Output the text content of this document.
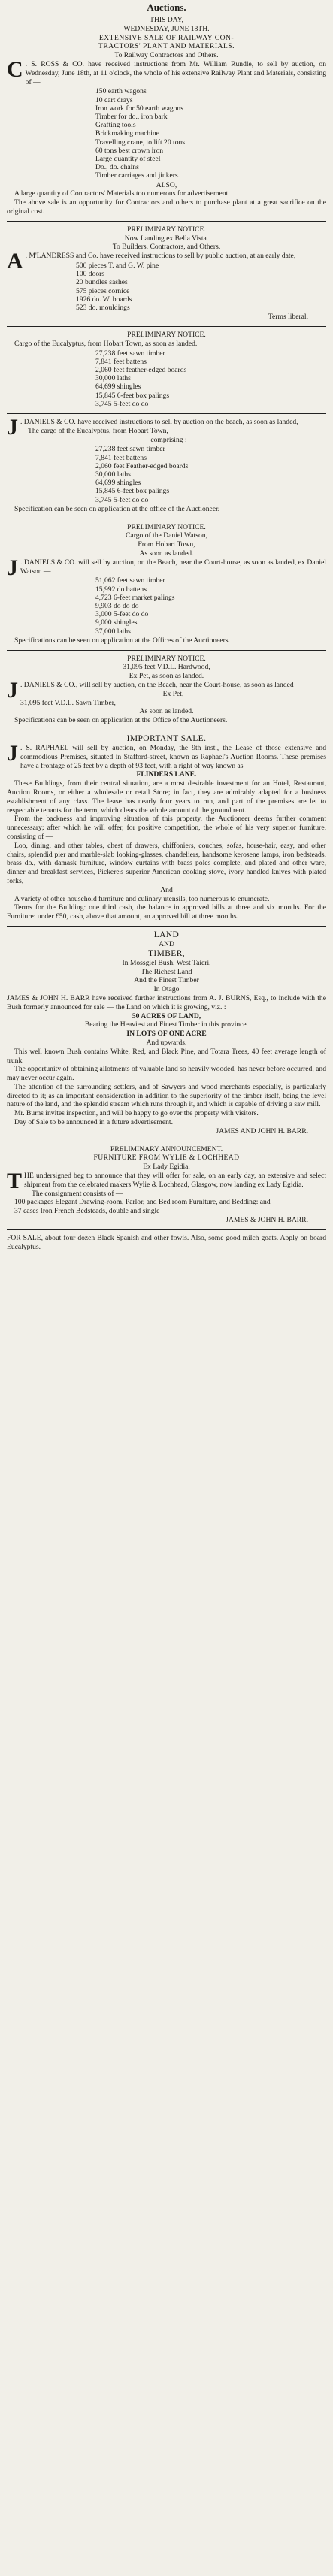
Auctions.
THIS DAY,
WEDNESDAY, JUNE 18TH.
EXTENSIVE SALE OF RAILWAY CON-
TRACTORS' PLANT AND MATERIALS.
To Railway Contractors and Others.

C . S. ROSS & CO. have received instructions from Mr. William Rundle, to sell by auction, on Wednesday, June 18th, at 11 o'clock, the whole of his extensive Railway Plant and Materials, consisting of —

150 earth wagons
10 cart drays
Iron work for 50 earth wagons
Timber for do., iron bark
Grafting tools
Brickmaking machine
Travelling crane, to lift 20 tons
60 tons best crown iron
Large quantity of steel
Do., do. chains
Timber carriages and jinkers.
ALSO,

A large quantity of Contractors' Materials too numerous for advertisement.

The above sale is an opportunity for Contractors and others to purchase plant at a great sacrifice on the original cost.

PRELIMINARY NOTICE.
Now Landing ex Bella Vista.
To Builders, Contractors, and Others.

A . M'LANDRESS and Co. have received instructions to sell by public auction, at an early date,

500 pieces T. and G. W. pine
100 doors
20 bundles sashes
575 pieces cornice
1926 do. W. boards
523 do. mouldings
Terms liberal.
PRELIMINARY NOTICE.

Cargo of the Eucalyptus, from Hobart Town, as soon as landed.

27,238 feet sawn timber
7,841 feet battens
2,060 feet feather-edged boards
30,000 laths
64,699 shingles
15,845 6-feet box palings
3,745 5-feet do do

J . DANIELS & CO. have received instructions to sell by auction on the beach, as soon as landed, —

The cargo of the Eucalyptus, from Hobart Town,

comprising : —
27,238 feet sawn timber
7,841 feet battens
2,060 feet Feather-edged boards
30,000 laths
64,699 shingles
15,845 6-feet box palings
3,745 5-feet do do

Specification can be seen on application at the office of the Auctioneer.

PRELIMINARY NOTICE.
Cargo of the Daniel Watson,
From Hobart Town,
As soon as landed.

J . DANIELS & CO. will sell by auction, on the Beach, near the Court-house, as soon as landed, ex Daniel Watson —

51,062 feet sawn timber
15,992 do battens
4,723 6-feet market palings
9,903 do do do
3,000 5-feet do do
9,000 shingles
37,000 laths

Specifications can be seen on application at the Offices of the Auctioneers.

PRELIMINARY NOTICE.
31,095 feet V.D.L. Hardwood,
Ex Pet, as soon as landed.

J . DANIELS & CO., will sell by auction, on the Beach, near the Court-house, as soon as landed —

Ex Pet,
31,095 feet V.D.L. Sawn Timber,
As soon as landed.

Specifications can be seen on application at the Office of the Auctioneers.

IMPORTANT SALE.

J . S. RAPHAEL will sell by auction, on Monday, the 9th inst., the Lease of those extensive and commodious Premises, situated in Stafford-street, known as Raphael's Auction Rooms. These premises have a frontage of 25 feet by a depth of 93 feet, with a right of way known as

FLINDERS LANE.

These Buildings, from their central situation, are a most desirable investment for an Hotel, Restaurant, Auction Rooms, or either a wholesale or retail Store; in fact, they are admirably adapted for a business establishment of any class. The lease has nearly four years to run, and part of the premises are let to respectable tenants for the term, which clears the whole amount of the ground rent.

From the backness and improving situation of this property, the Auctioneer deems further comment unnecessary; after which he will offer, for positive competition, the whole of his very superior furniture, consisting of —

Loo, dining, and other tables, chest of drawers, chiffoniers, couches, sofas, horse-hair, easy, and other chairs, splendid pier and marble-slab looking-glasses, chandeliers, handsome kerosene lamps, iron bedsteads, brass do., with damask furniture, window curtains with brass poles complete, and plated and other ware, dinner and breakfast services, Pickere's superior American cooking stove, ivory handled knives with plated forks,

And

A variety of other household furniture and culinary utensils, too numerous to enumerate.

Terms for the Building: one third cash, the balance in approved bills at three and six months. For the Furniture: under £50, cash, above that amount, an approved bill at three months.

LAND
AND
TIMBER,
In Mossgiel Bush, West Taieri,
The Richest Land
And the Finest Timber
In Otago

JAMES & JOHN H. BARR have received further instructions from A. J. BURNS, Esq., to include with the Bush formerly announced for sale — the Land on which it is growing, viz. :

50 ACRES OF LAND,
Bearing the Heaviest and Finest Timber in this province.
IN LOTS OF ONE ACRE
And upwards.

This well known Bush contains White, Red, and Black Pine, and Totara Trees, 40 feet average length of trunk.

The opportunity of obtaining allotments of valuable land so heavily wooded, has never before occurred, and may never occur again.

The attention of the surrounding settlers, and of Sawyers and wood merchants especially, is particularly directed to it; as an important consideration in addition to the superiority of the timber itself, being the level nature of the land, and the splendid stream which runs through it, and which is capable of driving a saw mill.

Mr. Burns invites inspection, and will be happy to go over the property with visitors.

Day of Sale to be announced in a future advertisement.

JAMES AND JOHN H. BARR.
PRELIMINARY ANNOUNCEMENT.
FURNITURE FROM WYLIE & LOCHHEAD
Ex Lady Egidia.

THE undersigned beg to announce that they will offer for sale, on an early day, an extensive and select shipment from the celebrated makers Wylie & Lochhead, Glasgow, now landing ex Lady Egidia.

The consignment consists of —

100 packages Elegant Drawing-room, Parlor, and Bed room Furniture, and Bedding: and —

37 cases Iron French Bedsteads, double and single

JAMES & JOHN H. BARR.

FOR SALE, about four dozen Black Spanish and other fowls. Also, some good milch goats. Apply on board Eucalyptus.
